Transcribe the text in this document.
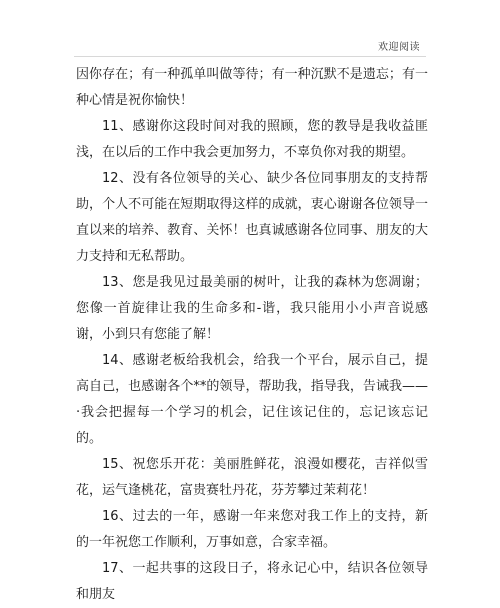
欢迎阅读

因你存在；有一种孤单叫做等待；有一种沉默不是遗忘；有一种心情是祝你愉快！

11、感谢你这段时间对我的照顾，您的教导是我收益匪浅，在以后的工作中我会更加努力，不辜负你对我的期望。

12、没有各位领导的关心、缺少各位同事朋友的支持帮助，个人不可能在短期取得这样的成就，衷心谢谢各位领导一直以来的培养、教育、关怀！也真诚感谢各位同事、朋友的大力支持和无私帮助。

13、您是我见过最美丽的树叶，让我的森林为您凋谢；您像一首旋律让我的生命多和-谐，我只能用小小声音说感谢，小到只有您能了解！

14、感谢老板给我机会，给我一个平台，展示自己，提高自己，也感谢各个**的领导，帮助我，指导我，告诫我——·我会把握每一个学习的机会，记住该记住的，忘记该忘记的。

15、祝您乐开花：美丽胜鲜花，浪漫如樱花，吉祥似雪花，运气逢桃花，富贵赛牡丹花，芬芳攀过茉莉花！

16、过去的一年，感谢一年来您对我工作上的支持，新的一年祝您工作顺利，万事如意，合家幸福。

17、一起共事的这段日子，将永记心中，结识各位领导和朋友
